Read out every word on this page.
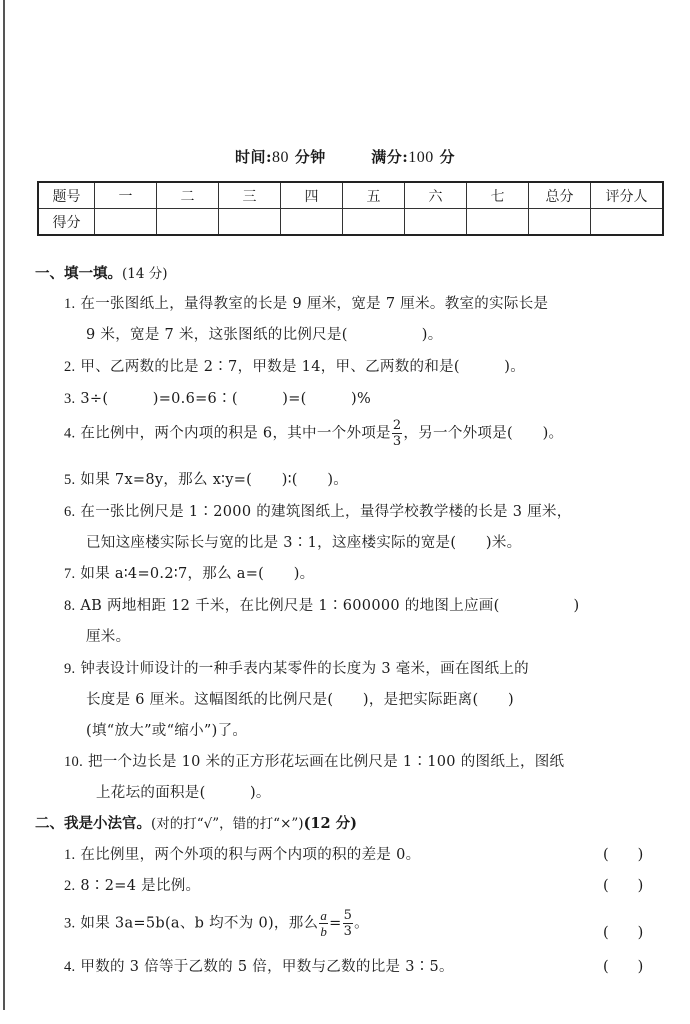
时间:80 分钟	满分:100 分
题号	一	二	三	四	五	六	七	总分	评分人
得分									
一、填一填。(14 分)
1. 在一张图纸上，量得教室的长是 9 厘米，宽是 7 厘米。教室的实际长是
9 米，宽是 7 米，这张图纸的比例尺是(　　　　　)。
2. 甲、乙两数的比是 2∶7，甲数是 14，甲、乙两数的和是(　　　)。
3. 3÷(　　　)=0.6=6∶(　　　)=(　　　)%
4. 在比例中，两个内项的积是 6，其中一个外项是 $\frac{2}{3}$ ，另一个外项是(　　)。
5. 如果 7x=8y，那么 x∶y=(　　)∶(　　)。
6. 在一张比例尺是 1∶2000 的建筑图纸上，量得学校教学楼的长是 3 厘米，
已知这座楼实际长与宽的比是 3∶1，这座楼实际的宽是(　　)米。
7. 如果 a∶4=0.2∶7，那么 a=(　　)。
8. AB 两地相距 12 千米，在比例尺是 1∶600000 的地图上应画(　　　　　)
厘米。
9. 钟表设计师设计的一种手表内某零件的长度为 3 毫米，画在图纸上的
长度是 6 厘米。这幅图纸的比例尺是(　　)，是把实际距离(　　)
(填“放大”或“缩小”)了。
10. 把一个边长是 10 米的正方形花坛画在比例尺是 1∶100 的图纸上，图纸
上花坛的面积是(　　　)。
二、我是小法官。(对的打“√”，错的打“×”)(12 分)
1. 在比例里，两个外项的积与两个内项的积的差是 0。	(　　)
2. 8∶2=4 是比例。	(　　)
3. 如果 3a=5b(a、b 均不为 0)，那么 $\frac{a}{b} = \frac{5}{3}$ 。
(　　)
4. 甲数的 3 倍等于乙数的 5 倍，甲数与乙数的比是 3∶5。	(　　)
